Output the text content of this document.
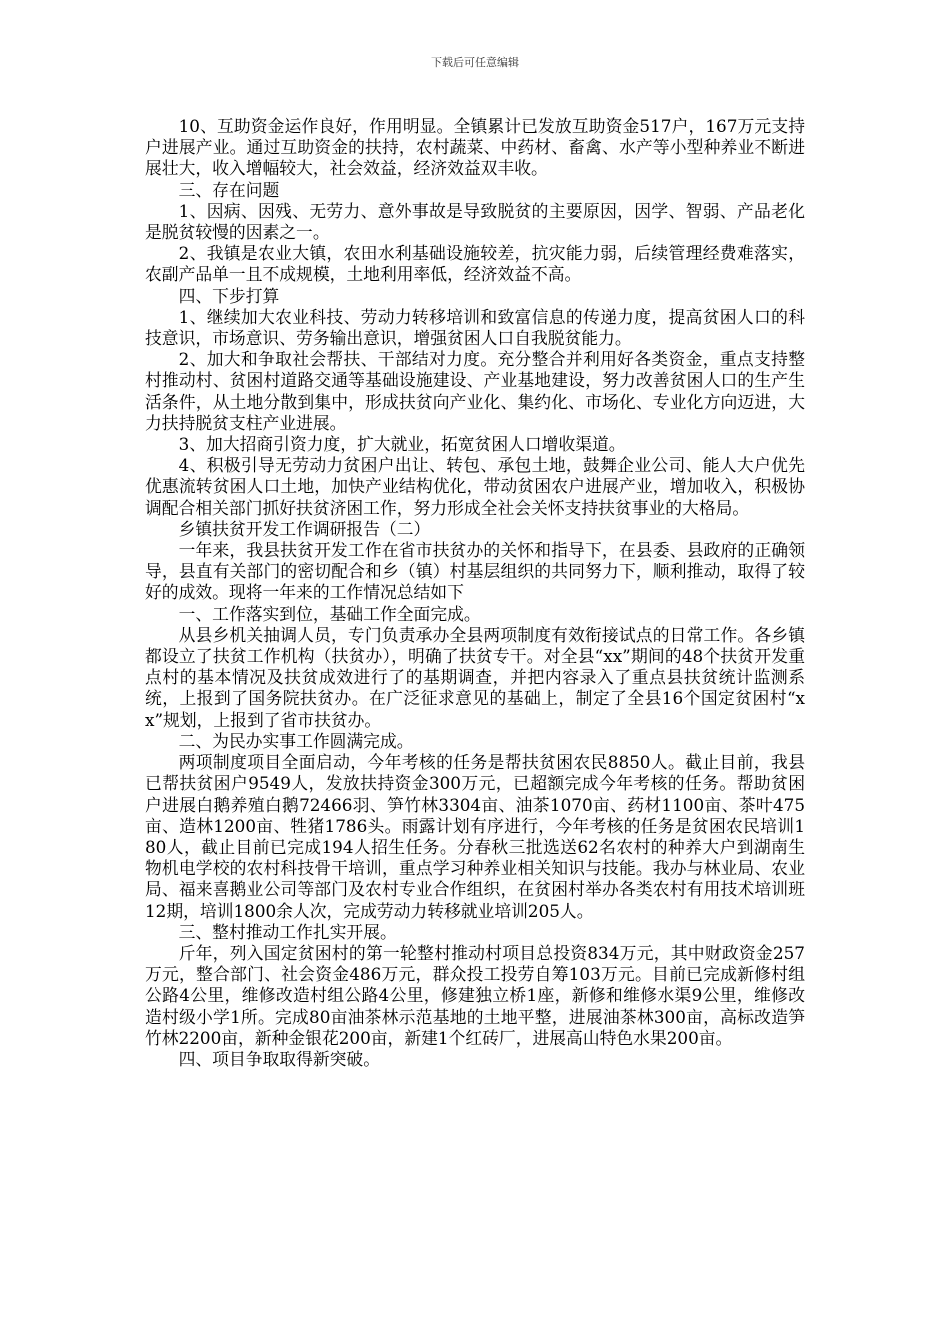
下载后可任意编辑

10、互助资金运作良好，作用明显。全镇累计已发放互助资金517户，167万元支持户进展产业。通过互助资金的扶持，农村蔬菜、中药材、畜禽、水产等小型种养业不断进展壮大，收入增幅较大，社会效益，经济效益双丰收。

三、存在问题

1、因病、因残、无劳力、意外事故是导致脱贫的主要原因，因学、智弱、产品老化是脱贫较慢的因素之一。

2、我镇是农业大镇，农田水利基础设施较差，抗灾能力弱，后续管理经费难落实，农副产品单一且不成规模，土地利用率低，经济效益不高。

四、下步打算

1、继续加大农业科技、劳动力转移培训和致富信息的传递力度，提高贫困人口的科技意识，市场意识、劳务输出意识，增强贫困人口自我脱贫能力。

2、加大和争取社会帮扶、干部结对力度。充分整合并利用好各类资金，重点支持整村推动村、贫困村道路交通等基础设施建设、产业基地建设，努力改善贫困人口的生产生活条件，从土地分散到集中，形成扶贫向产业化、集约化、市场化、专业化方向迈进，大力扶持脱贫支柱产业进展。

3、加大招商引资力度，扩大就业，拓宽贫困人口增收渠道。

4、积极引导无劳动力贫困户出让、转包、承包土地，鼓舞企业公司、能人大户优先优惠流转贫困人口土地，加快产业结构优化，带动贫困农户进展产业，增加收入，积极协调配合相关部门抓好扶贫济困工作，努力形成全社会关怀支持扶贫事业的大格局。

乡镇扶贫开发工作调研报告（二）

一年来，我县扶贫开发工作在省市扶贫办的关怀和指导下，在县委、县政府的正确领导，县直有关部门的密切配合和乡（镇）村基层组织的共同努力下，顺利推动，取得了较好的成效。现将一年来的工作情况总结如下

一、工作落实到位，基础工作全面完成。

从县乡机关抽调人员，专门负责承办全县两项制度有效衔接试点的日常工作。各乡镇都设立了扶贫工作机构（扶贫办），明确了扶贫专干。对全县“xx”期间的48个扶贫开发重点村的基本情况及扶贫成效进行了的基期调查，并把内容录入了重点县扶贫统计监测系统，上报到了国务院扶贫办。在广泛征求意见的基础上，制定了全县16个国定贫困村“xx”规划，上报到了省市扶贫办。

二、为民办实事工作圆满完成。

两项制度项目全面启动，今年考核的任务是帮扶贫困农民8850人。截止目前，我县已帮扶贫困户9549人，发放扶持资金300万元，已超额完成今年考核的任务。帮助贫困户进展白鹅养殖白鹅72466羽、笋竹林3304亩、油茶1070亩、药材1100亩、茶叶475亩、造林1200亩、牲猪1786头。雨露计划有序进行，今年考核的任务是贫困农民培训180人，截止目前已完成194人招生任务。分春秋三批选送62名农村的种养大户到湖南生物机电学校的农村科技骨干培训，重点学习种养业相关知识与技能。我办与林业局、农业局、福来喜鹅业公司等部门及农村专业合作组织，在贫困村举办各类农村有用技术培训班12期，培训1800余人次，完成劳动力转移就业培训205人。

三、整村推动工作扎实开展。

斤年，列入国定贫困村的第一轮整村推动村项目总投资834万元，其中财政资金257万元，整合部门、社会资金486万元，群众投工投劳自筹103万元。目前已完成新修村组公路4公里，维修改造村组公路4公里，修建独立桥1座，新修和维修水渠9公里，维修改造村级小学1所。完成80亩油茶林示范基地的土地平整，进展油茶林300亩，高标改造笋竹林2200亩，新种金银花200亩，新建1个红砖厂，进展高山特色水果200亩。

四、项目争取取得新突破。
